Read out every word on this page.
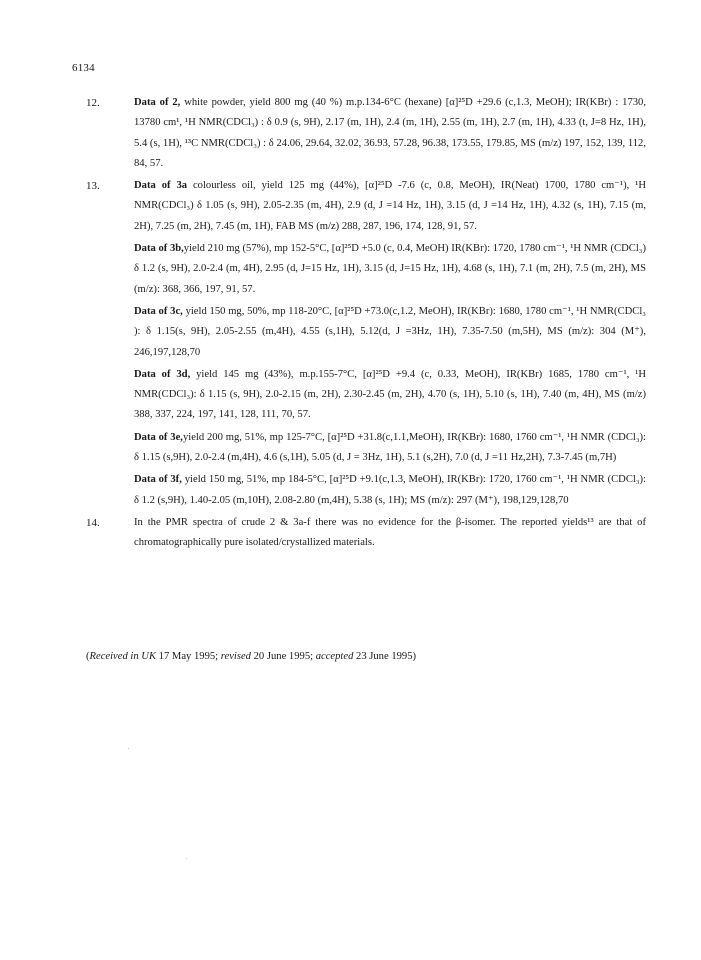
6134
12.	Data of 2, white powder, yield 800 mg (40 %) m.p.134-6°C (hexane) [α]²⁵D +29.6 (c,1.3, MeOH); IR(KBr) : 1730, 13780 cm¹, ¹H NMR(CDCl₃) : δ 0.9 (s, 9H), 2.17 (m, 1H), 2.4 (m, 1H), 2.55 (m, 1H), 2.7 (m, 1H), 4.33 (t, J=8 Hz, 1H), 5.4 (s, 1H), ¹³C NMR(CDCl₃) : δ 24.06, 29.64, 32.02, 36.93, 57.28, 96.38, 173.55, 179.85, MS (m/z) 197, 152, 139, 112, 84, 57.

13.	Data of 3a colourless oil, yield 125 mg (44%), [α]²⁵D -7.6 (c, 0.8, MeOH), IR(Neat) 1700, 1780 cm⁻¹), ¹H NMR(CDCl₃) δ 1.05 (s, 9H), 2.05-2.35 (m, 4H), 2.9 (d, J =14 Hz, 1H), 3.15 (d, J =14 Hz, 1H), 4.32 (s, 1H), 7.15 (m, 2H), 7.25 (m, 2H), 7.45 (m, 1H), FAB MS (m/z) 288, 287, 196, 174, 128, 91, 57.

Data of 3b,yield 210 mg (57%), mp 152-5°C, [α]²⁵D +5.0 (c, 0.4, MeOH) IR(KBr): 1720, 1780 cm⁻¹, ¹H NMR (CDCl₃) δ 1.2 (s, 9H), 2.0-2.4 (m, 4H), 2.95 (d, J=15 Hz, 1H), 3.15 (d, J=15 Hz, 1H), 4.68 (s, 1H), 7.1 (m, 2H), 7.5 (m, 2H), MS (m/z): 368, 366, 197, 91, 57.

Data of 3c, yield 150 mg, 50%, mp 118-20°C, [α]²⁵D +73.0(c,1.2, MeOH), IR(KBr): 1680, 1780 cm⁻¹, ¹H NMR(CDCl₃ ): δ 1.15(s, 9H), 2.05-2.55 (m,4H), 4.55 (s,1H), 5.12(d, J =3Hz, 1H), 7.35-7.50 (m,5H), MS (m/z): 304 (M⁺), 246,197,128,70

Data of 3d, yield 145 mg (43%), m.p.155-7°C, [α]²⁵D +9.4 (c, 0.33, MeOH), IR(KBr) 1685, 1780 cm⁻¹, ¹H NMR(CDCl₃): δ 1.15 (s, 9H), 2.0-2.15 (m, 2H), 2.30-2.45 (m, 2H), 4.70 (s, 1H), 5.10 (s, 1H), 7.40 (m, 4H), MS (m/z) 388, 337, 224, 197, 141, 128, 111, 70, 57.

Data of 3e,yield 200 mg, 51%, mp 125-7°C, [α]²⁵D +31.8(c,1.1,MeOH), IR(KBr): 1680, 1760 cm⁻¹, ¹H NMR (CDCl₃): δ 1.15 (s,9H), 2.0-2.4 (m,4H), 4.6 (s,1H), 5.05 (d, J = 3Hz, 1H), 5.1 (s,2H), 7.0 (d, J =11 Hz,2H), 7.3-7.45 (m,7H)

Data of 3f, yield 150 mg, 51%, mp 184-5°C, [α]²⁵D +9.1(c,1.3, MeOH), IR(KBr): 1720, 1760 cm⁻¹, ¹H NMR (CDCl₃): δ 1.2 (s,9H), 1.40-2.05 (m,10H), 2.08-2.80 (m,4H), 5.38 (s, 1H); MS (m/z): 297 (M⁺), 198,129,128,70

14.	In the PMR spectra of crude 2 & 3a-f there was no evidence for the β-isomer. The reported yields¹³ are that of chromatographically pure isolated/crystallized materials.

(Received in UK 17 May 1995; revised 20 June 1995; accepted 23 June 1995)
